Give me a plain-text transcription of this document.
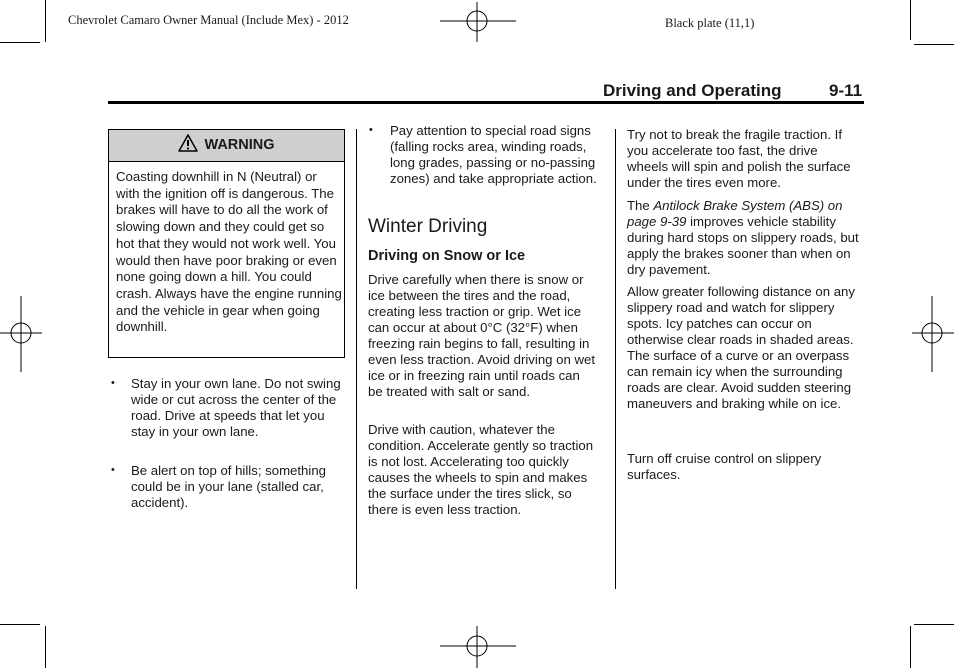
Chevrolet Camaro Owner Manual (Include Mex) - 2012	Black plate (11,1)
Driving and Operating	9-11
WARNING

Coasting downhill in N (Neutral) or with the ignition off is dangerous. The brakes will have to do all the work of slowing down and they could get so hot that they would not work well. You would then have poor braking or even none going down a hill. You could crash. Always have the engine running and the vehicle in gear when going downhill.

• Stay in your own lane. Do not swing wide or cut across the center of the road. Drive at speeds that let you stay in your own lane.

• Be alert on top of hills; something could be in your lane (stalled car, accident).

• Pay attention to special road signs (falling rocks area, winding roads, long grades, passing or no-passing zones) and take appropriate action.

Winter Driving
Driving on Snow or Ice

Drive carefully when there is snow or ice between the tires and the road, creating less traction or grip. Wet ice can occur at about 0°C (32°F) when freezing rain begins to fall, resulting in even less traction. Avoid driving on wet ice or in freezing rain until roads can be treated with salt or sand.

Drive with caution, whatever the condition. Accelerate gently so traction is not lost. Accelerating too quickly causes the wheels to spin and makes the surface under the tires slick, so there is even less traction.

Try not to break the fragile traction. If you accelerate too fast, the drive wheels will spin and polish the surface under the tires even more.

The Antilock Brake System (ABS) on page 9-39 improves vehicle stability during hard stops on slippery roads, but apply the brakes sooner than when on dry pavement.

Allow greater following distance on any slippery road and watch for slippery spots. Icy patches can occur on otherwise clear roads in shaded areas. The surface of a curve or an overpass can remain icy when the surrounding roads are clear. Avoid sudden steering maneuvers and braking while on ice.

Turn off cruise control on slippery surfaces.
